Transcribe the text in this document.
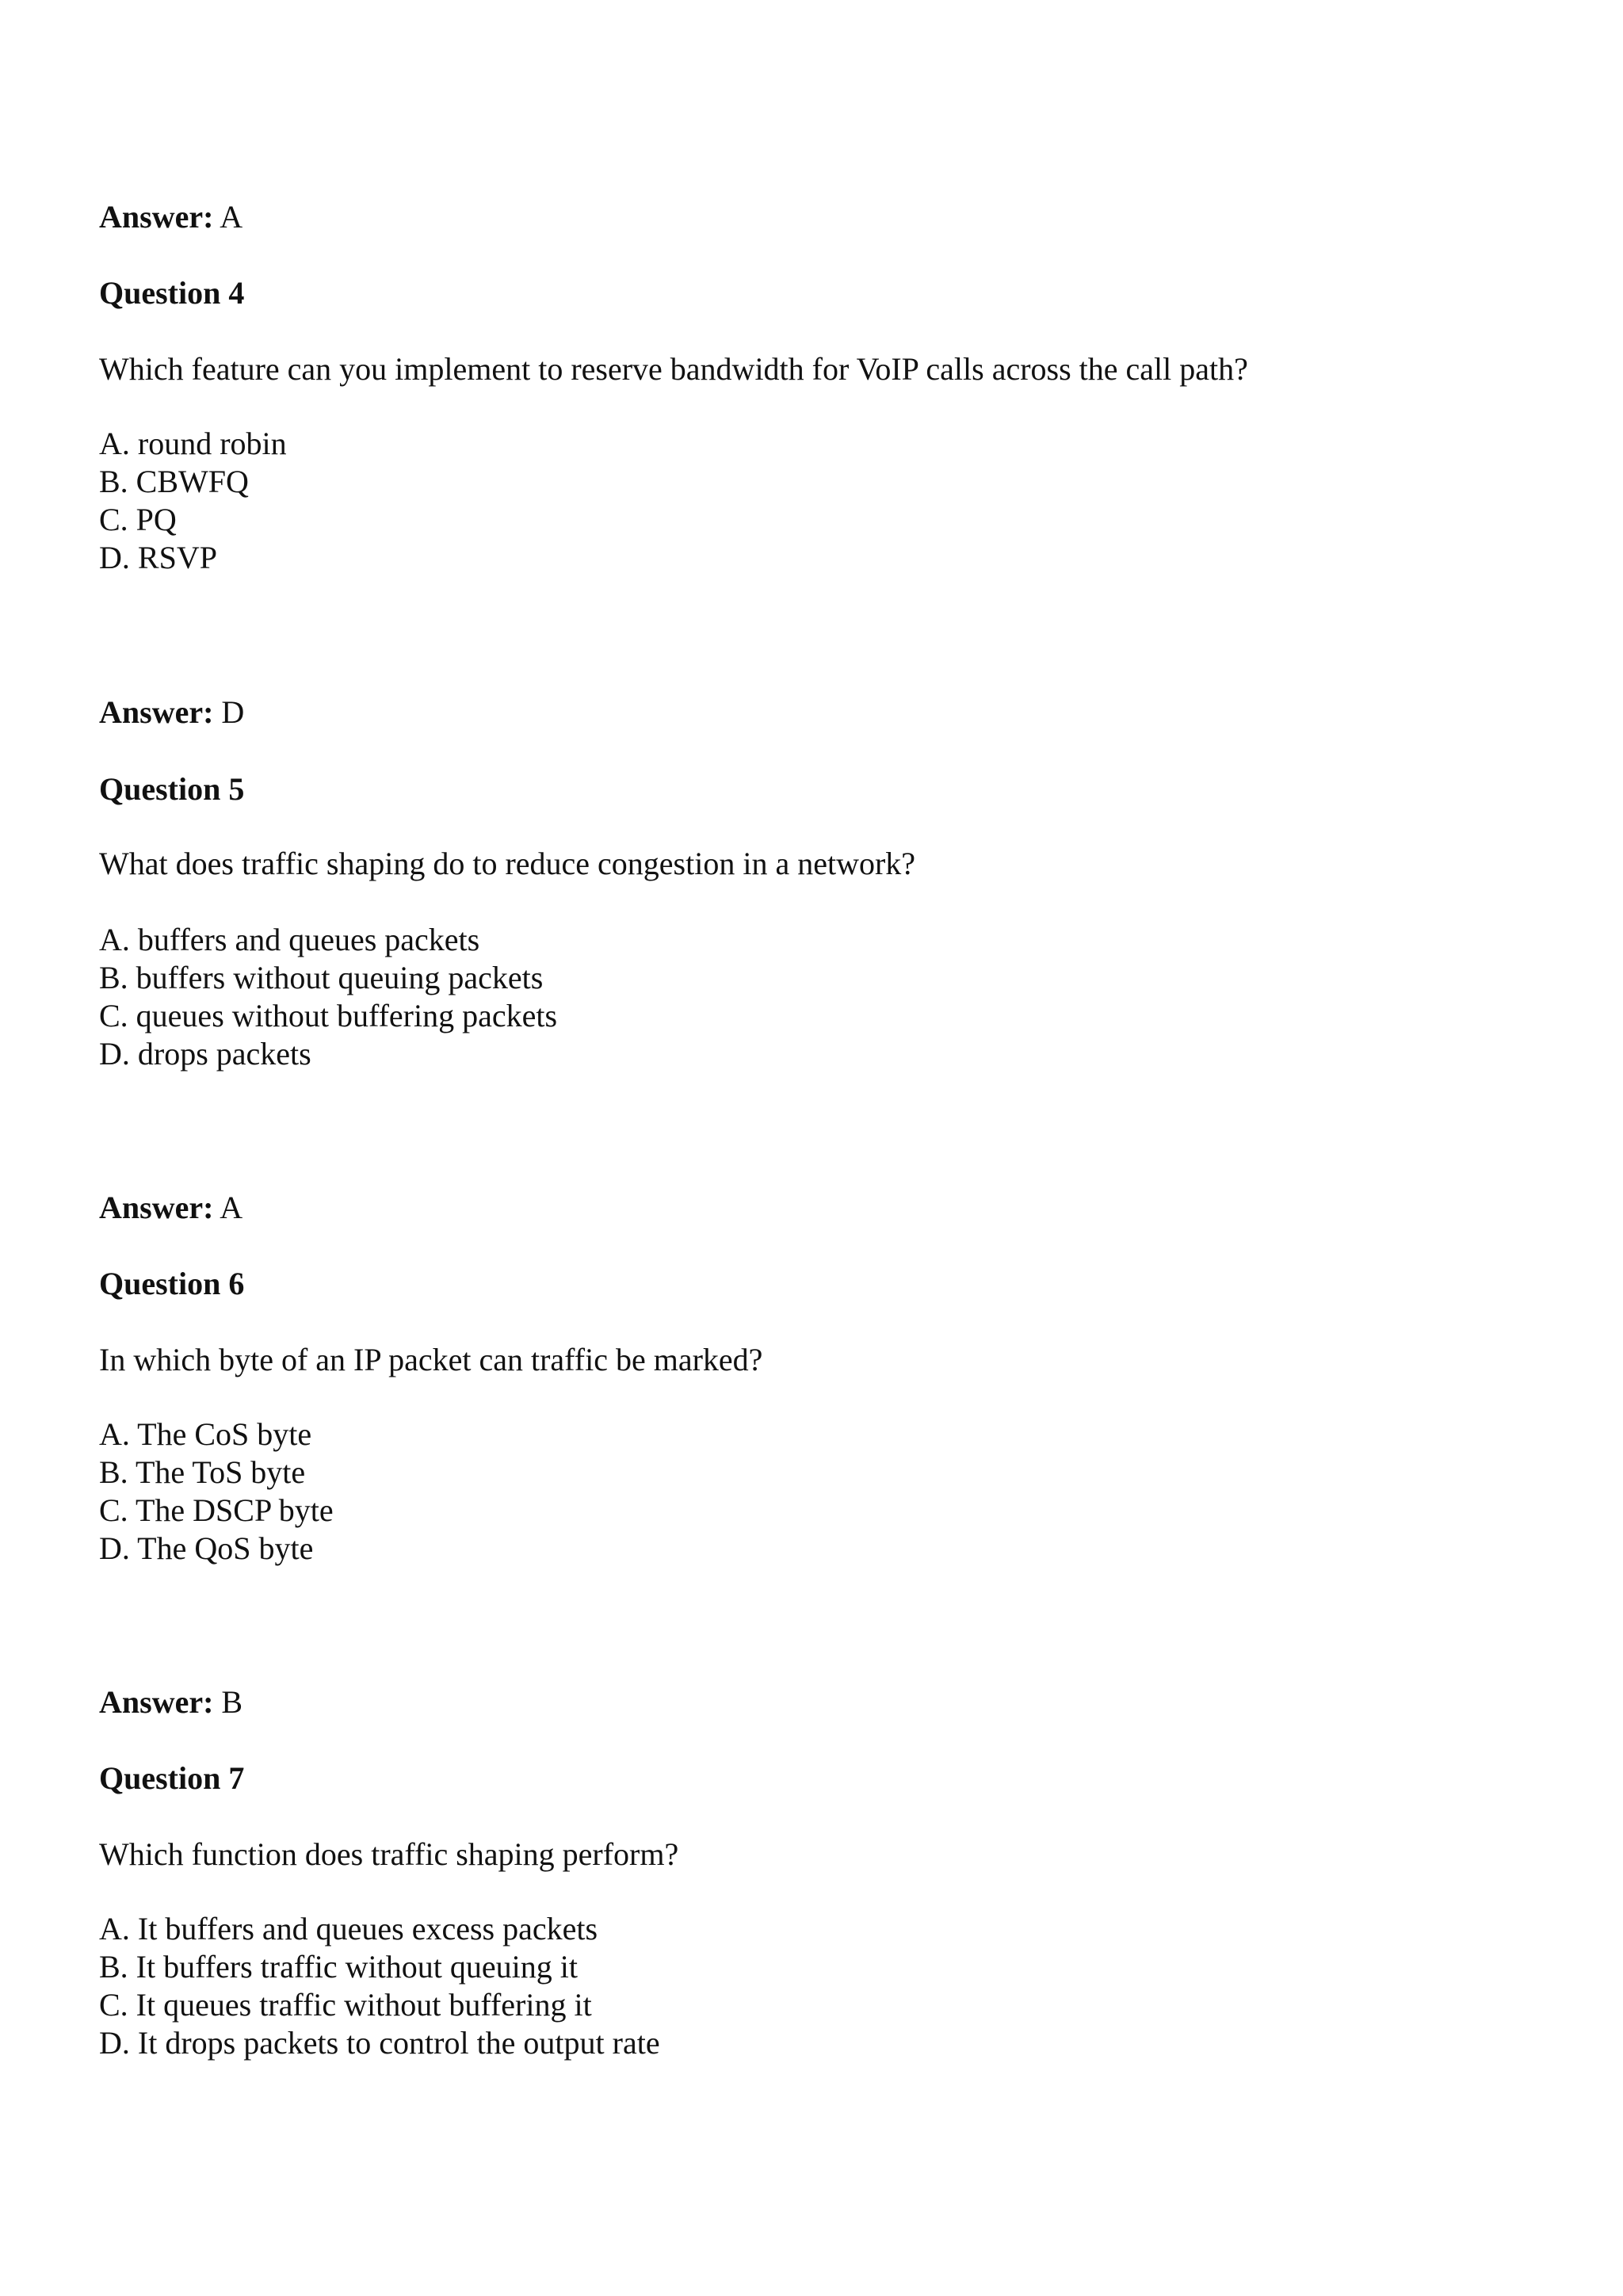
Answer: A
Question 4
Which feature can you implement to reserve bandwidth for VoIP calls across the call path?
A. round robin
B. CBWFQ
C. PQ
D. RSVP
Answer: D
Question 5
What does traffic shaping do to reduce congestion in a network?
A. buffers and queues packets
B. buffers without queuing packets
C. queues without buffering packets
D. drops packets
Answer: A
Question 6
In which byte of an IP packet can traffic be marked?
A. The CoS byte
B. The ToS byte
C. The DSCP byte
D. The QoS byte
Answer: B
Question 7
Which function does traffic shaping perform?
A. It buffers and queues excess packets
B. It buffers traffic without queuing it
C. It queues traffic without buffering it
D. It drops packets to control the output rate
